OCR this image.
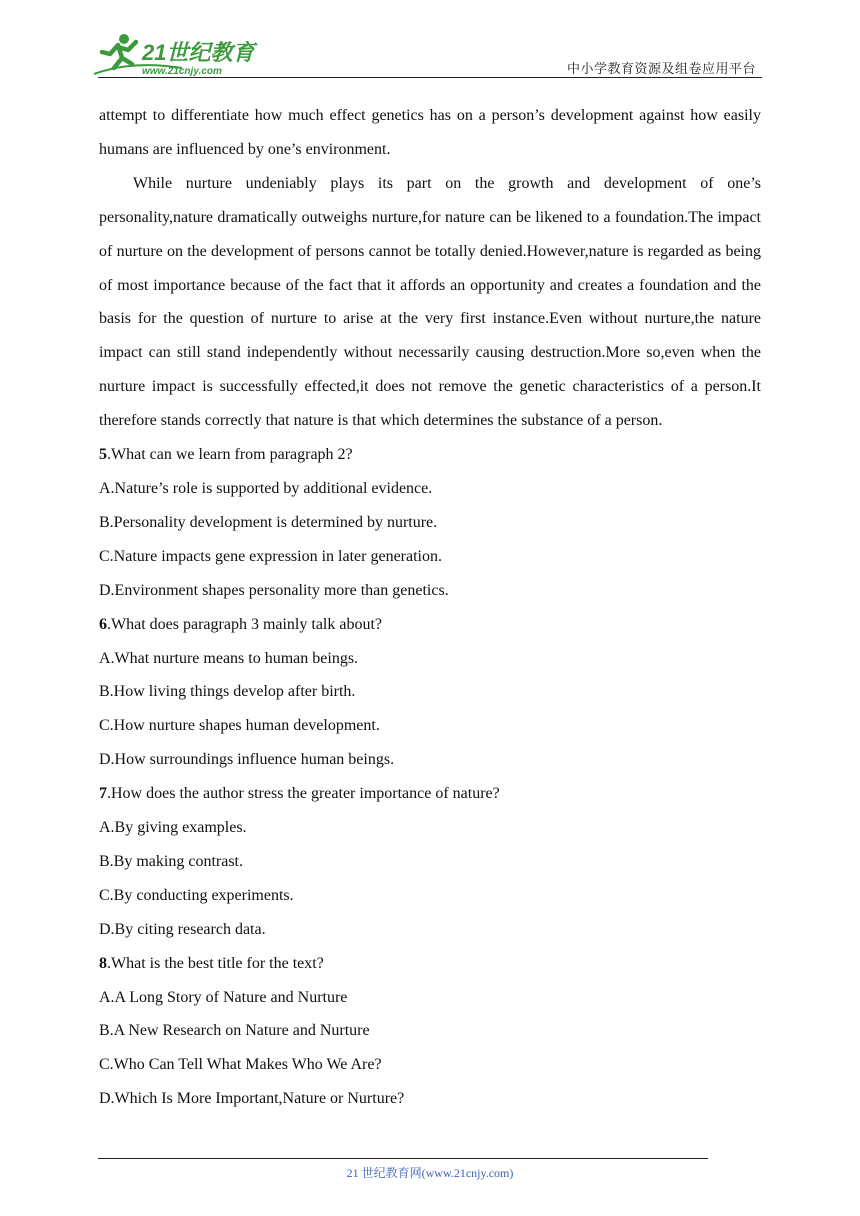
21世纪教育
www.21cnjy.com	中小学教育资源及组卷应用平台

attempt to differentiate how much effect genetics has on a person’s development against how easily humans are influenced by one’s environment.

While nurture undeniably plays its part on the growth and development of one’s personality,nature dramatically outweighs nurture,for nature can be likened to a foundation.The impact of nurture on the development of persons cannot be totally denied.However,nature is regarded as being of most importance because of the fact that it affords an opportunity and creates a foundation and the basis for the question of nurture to arise at the very first instance.Even without nurture,the nature impact can still stand independently without necessarily causing destruction.More so,even when the nurture impact is successfully effected,it does not remove the genetic characteristics of a person.It therefore stands correctly that nature is that which determines the substance of a person.

5.What can we learn from paragraph 2?

A.Nature’s role is supported by additional evidence.

B.Personality development is determined by nurture.

C.Nature impacts gene expression in later generation.

D.Environment shapes personality more than genetics.

6.What does paragraph 3 mainly talk about?

A.What nurture means to human beings.

B.How living things develop after birth.

C.How nurture shapes human development.

D.How surroundings influence human beings.

7.How does the author stress the greater importance of nature?

A.By giving examples.

B.By making contrast.

C.By conducting experiments.

D.By citing research data.

8.What is the best title for the text?

A.A Long Story of Nature and Nurture

B.A New Research on Nature and Nurture

C.Who Can Tell What Makes Who We Are?

D.Which Is More Important,Nature or Nurture?

21 世纪教育网(www.21cnjy.com)
